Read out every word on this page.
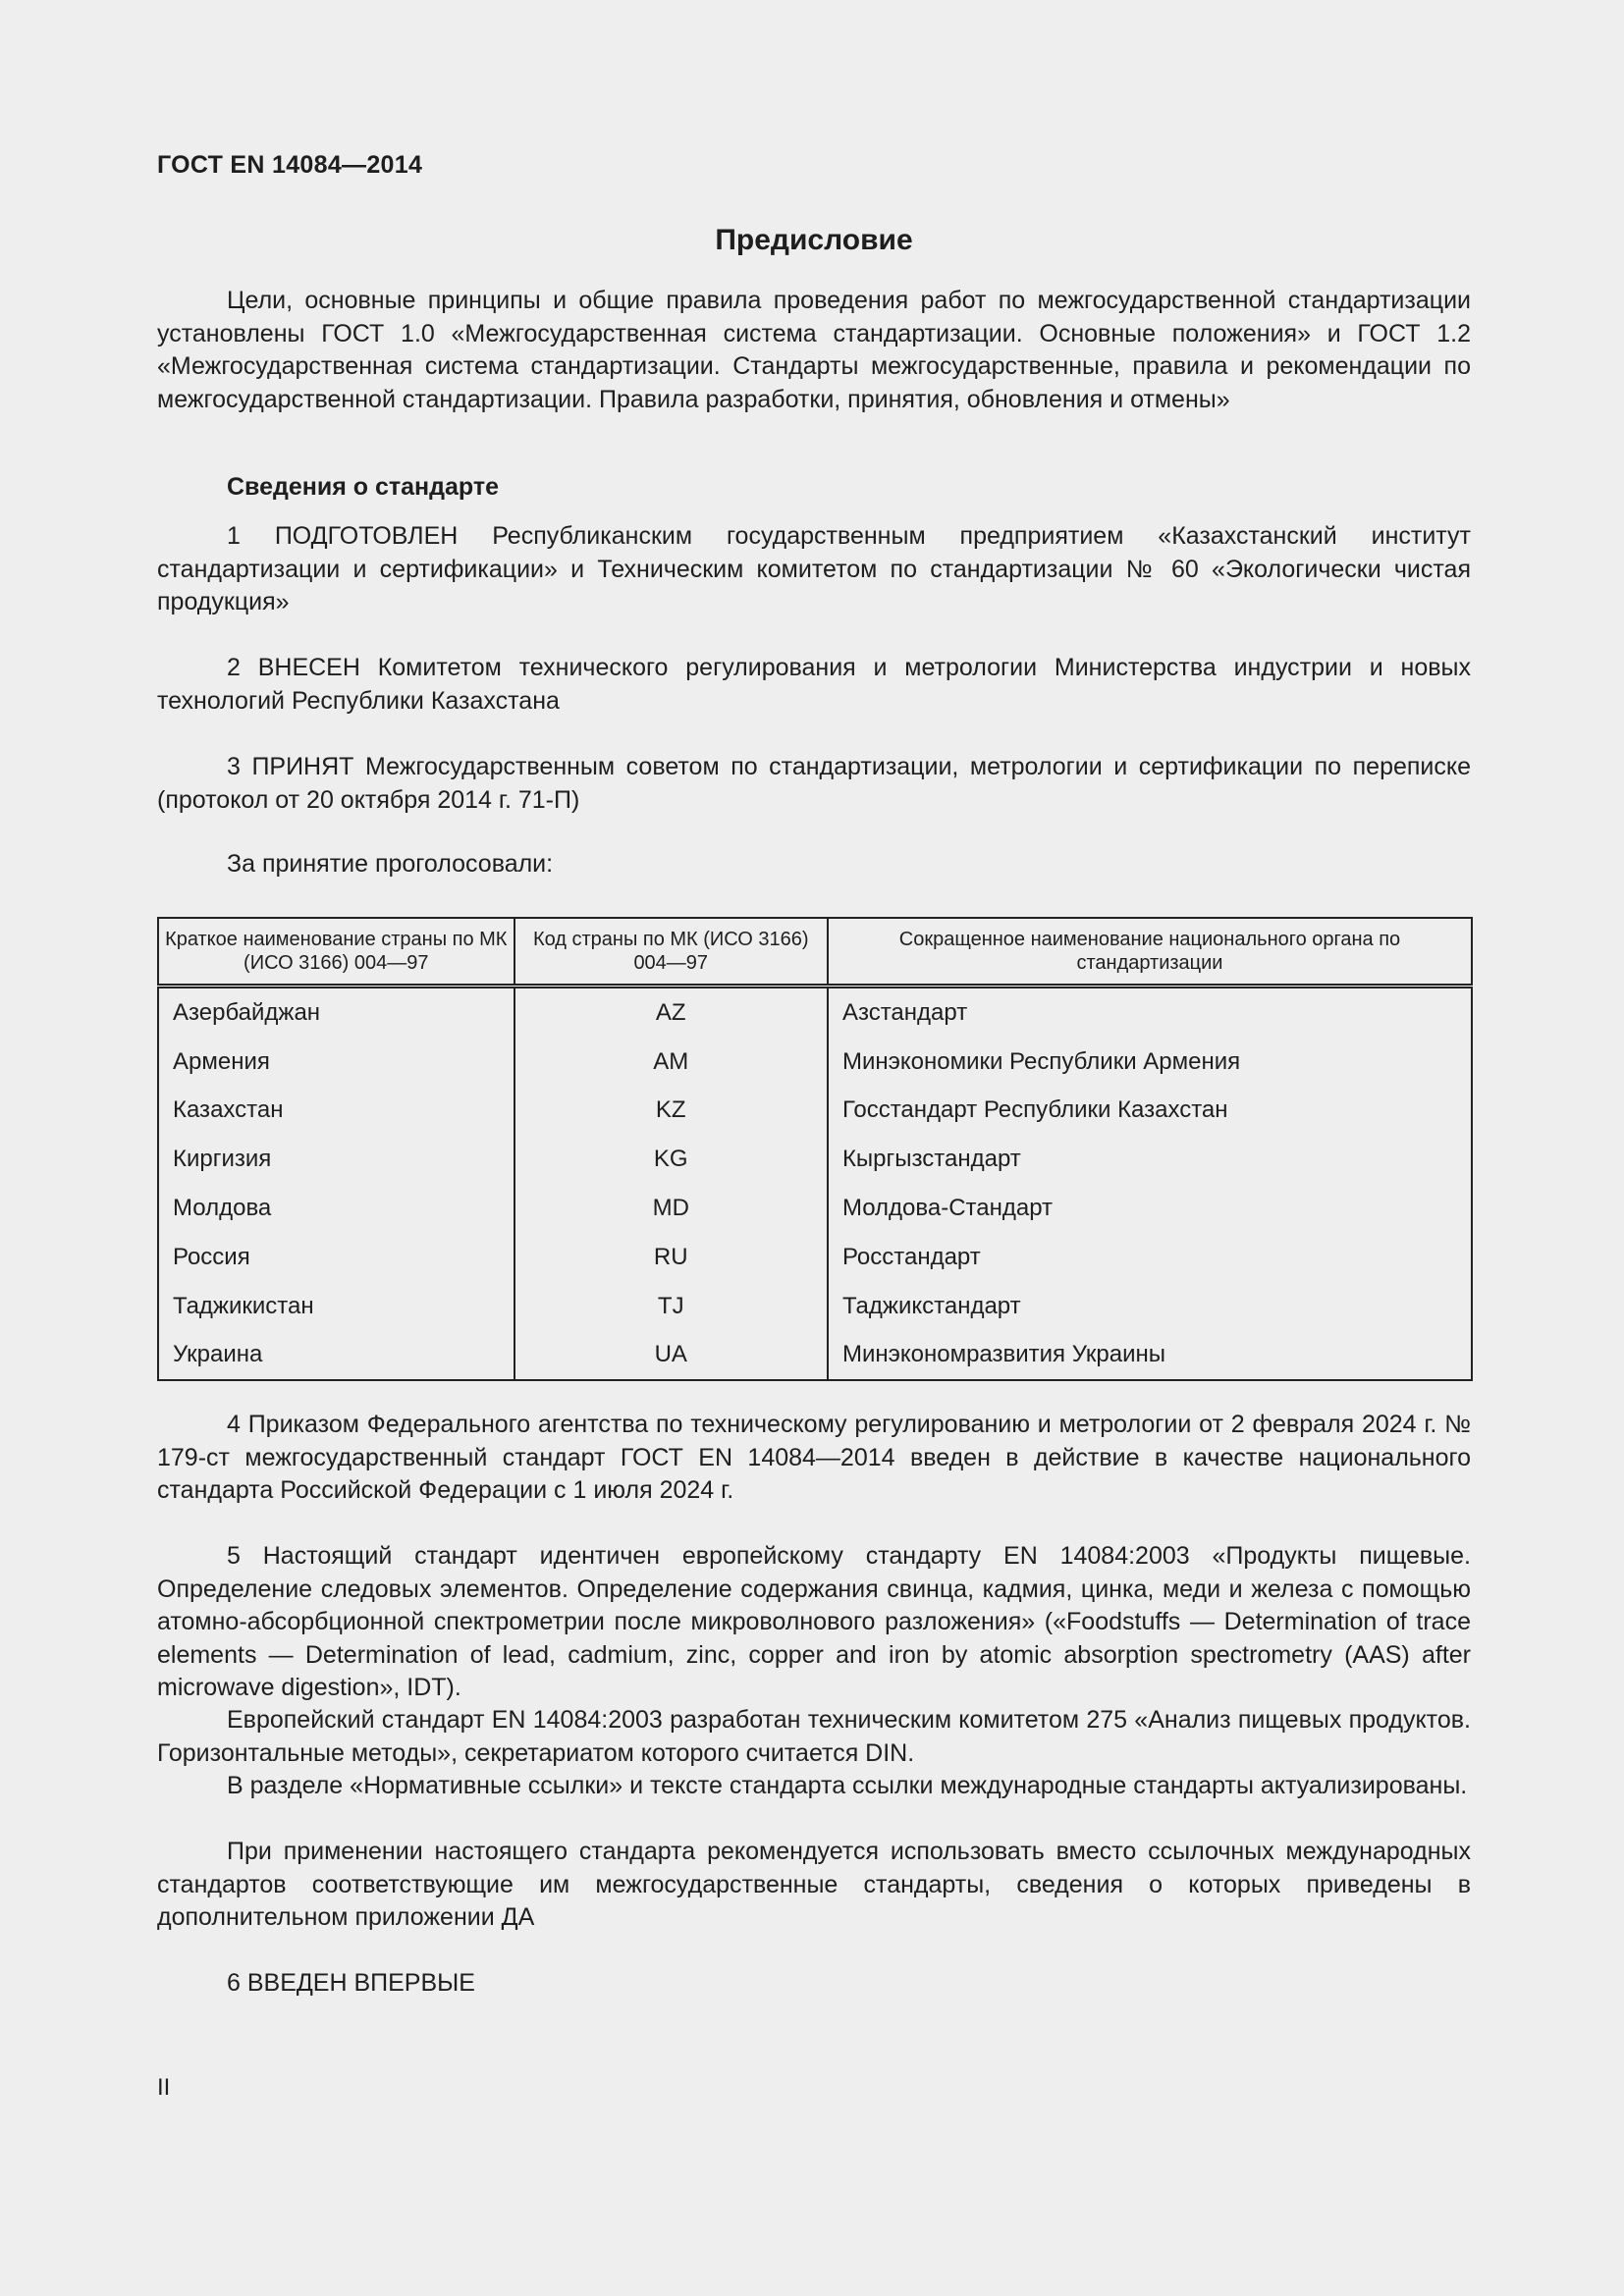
ГОСТ EN 14084—2014
Предисловие
Цели, основные принципы и общие правила проведения работ по межгосударственной стандартизации установлены ГОСТ 1.0 «Межгосударственная система стандартизации. Основные положения» и ГОСТ 1.2 «Межгосударственная система стандартизации. Стандарты межгосударственные, правила и рекомендации по межгосударственной стандартизации. Правила разработки, принятия, обновления и отмены»
Сведения о стандарте
1 ПОДГОТОВЛЕН Республиканским государственным предприятием «Казахстанский институт стандартизации и сертификации» и Техническим комитетом по стандартизации № 60 «Экологически чистая продукция»
2 ВНЕСЕН Комитетом технического регулирования и метрологии Министерства индустрии и новых технологий Республики Казахстана
3 ПРИНЯТ Межгосударственным советом по стандартизации, метрологии и сертификации по переписке (протокол от 20 октября 2014 г. 71-П)
За принятие проголосовали:
Краткое наименование страны по МК (ИСО 3166) 004—97	Код страны по МК (ИСО 3166) 004—97	Сокращенное наименование национального органа по стандартизации
Азербайджан	AZ	Азстандарт
Армения	AM	Минэкономики Республики Армения
Казахстан	KZ	Госстандарт Республики Казахстан
Киргизия	KG	Кыргызстандарт
Молдова	MD	Молдова-Стандарт
Россия	RU	Росстандарт
Таджикистан	TJ	Таджикстандарт
Украина	UA	Минэкономразвития Украины
4 Приказом Федерального агентства по техническому регулированию и метрологии от 2 февраля 2024 г. № 179-ст межгосударственный стандарт ГОСТ EN 14084—2014 введен в действие в качестве национального стандарта Российской Федерации с 1 июля 2024 г.
5 Настоящий стандарт идентичен европейскому стандарту EN 14084:2003 «Продукты пищевые. Определение следовых элементов. Определение содержания свинца, кадмия, цинка, меди и железа с помощью атомно-абсорбционной спектрометрии после микроволнового разложения» («Foodstuffs — Determination of trace elements — Determination of lead, cadmium, zinc, copper and iron by atomic absorption spectrometry (AAS) after microwave digestion», IDT).
Европейский стандарт EN 14084:2003 разработан техническим комитетом 275 «Анализ пищевых продуктов. Горизонтальные методы», секретариатом которого считается DIN.
В разделе «Нормативные ссылки» и тексте стандарта ссылки международные стандарты актуализированы.
При применении настоящего стандарта рекомендуется использовать вместо ссылочных международных стандартов соответствующие им межгосударственные стандарты, сведения о которых приведены в дополнительном приложении ДА
6 ВВЕДЕН ВПЕРВЫЕ
II
